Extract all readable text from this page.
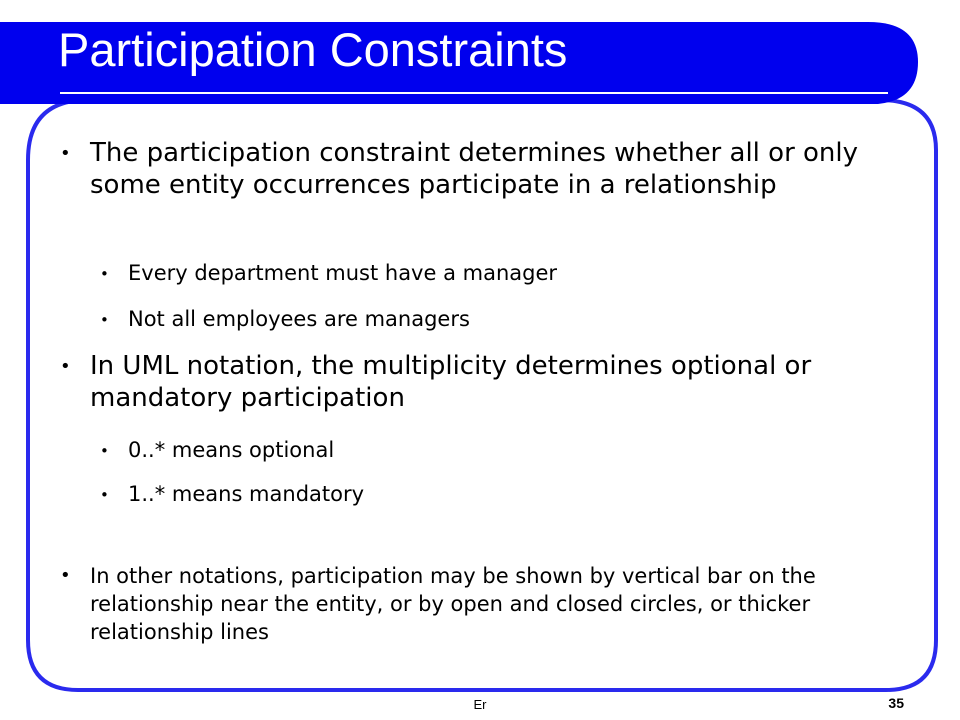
Participation Constraints
• The participation constraint determines whether all or only some entity occurrences participate in a relationship
• Every department must have a manager
• Not all employees are managers
• In UML notation, the multiplicity determines optional or mandatory participation
• 0..* means optional
• 1..* means mandatory
• In other notations, participation may be shown by vertical bar on the relationship near the entity, or by open and closed circles, or thicker relationship lines
Er	35
